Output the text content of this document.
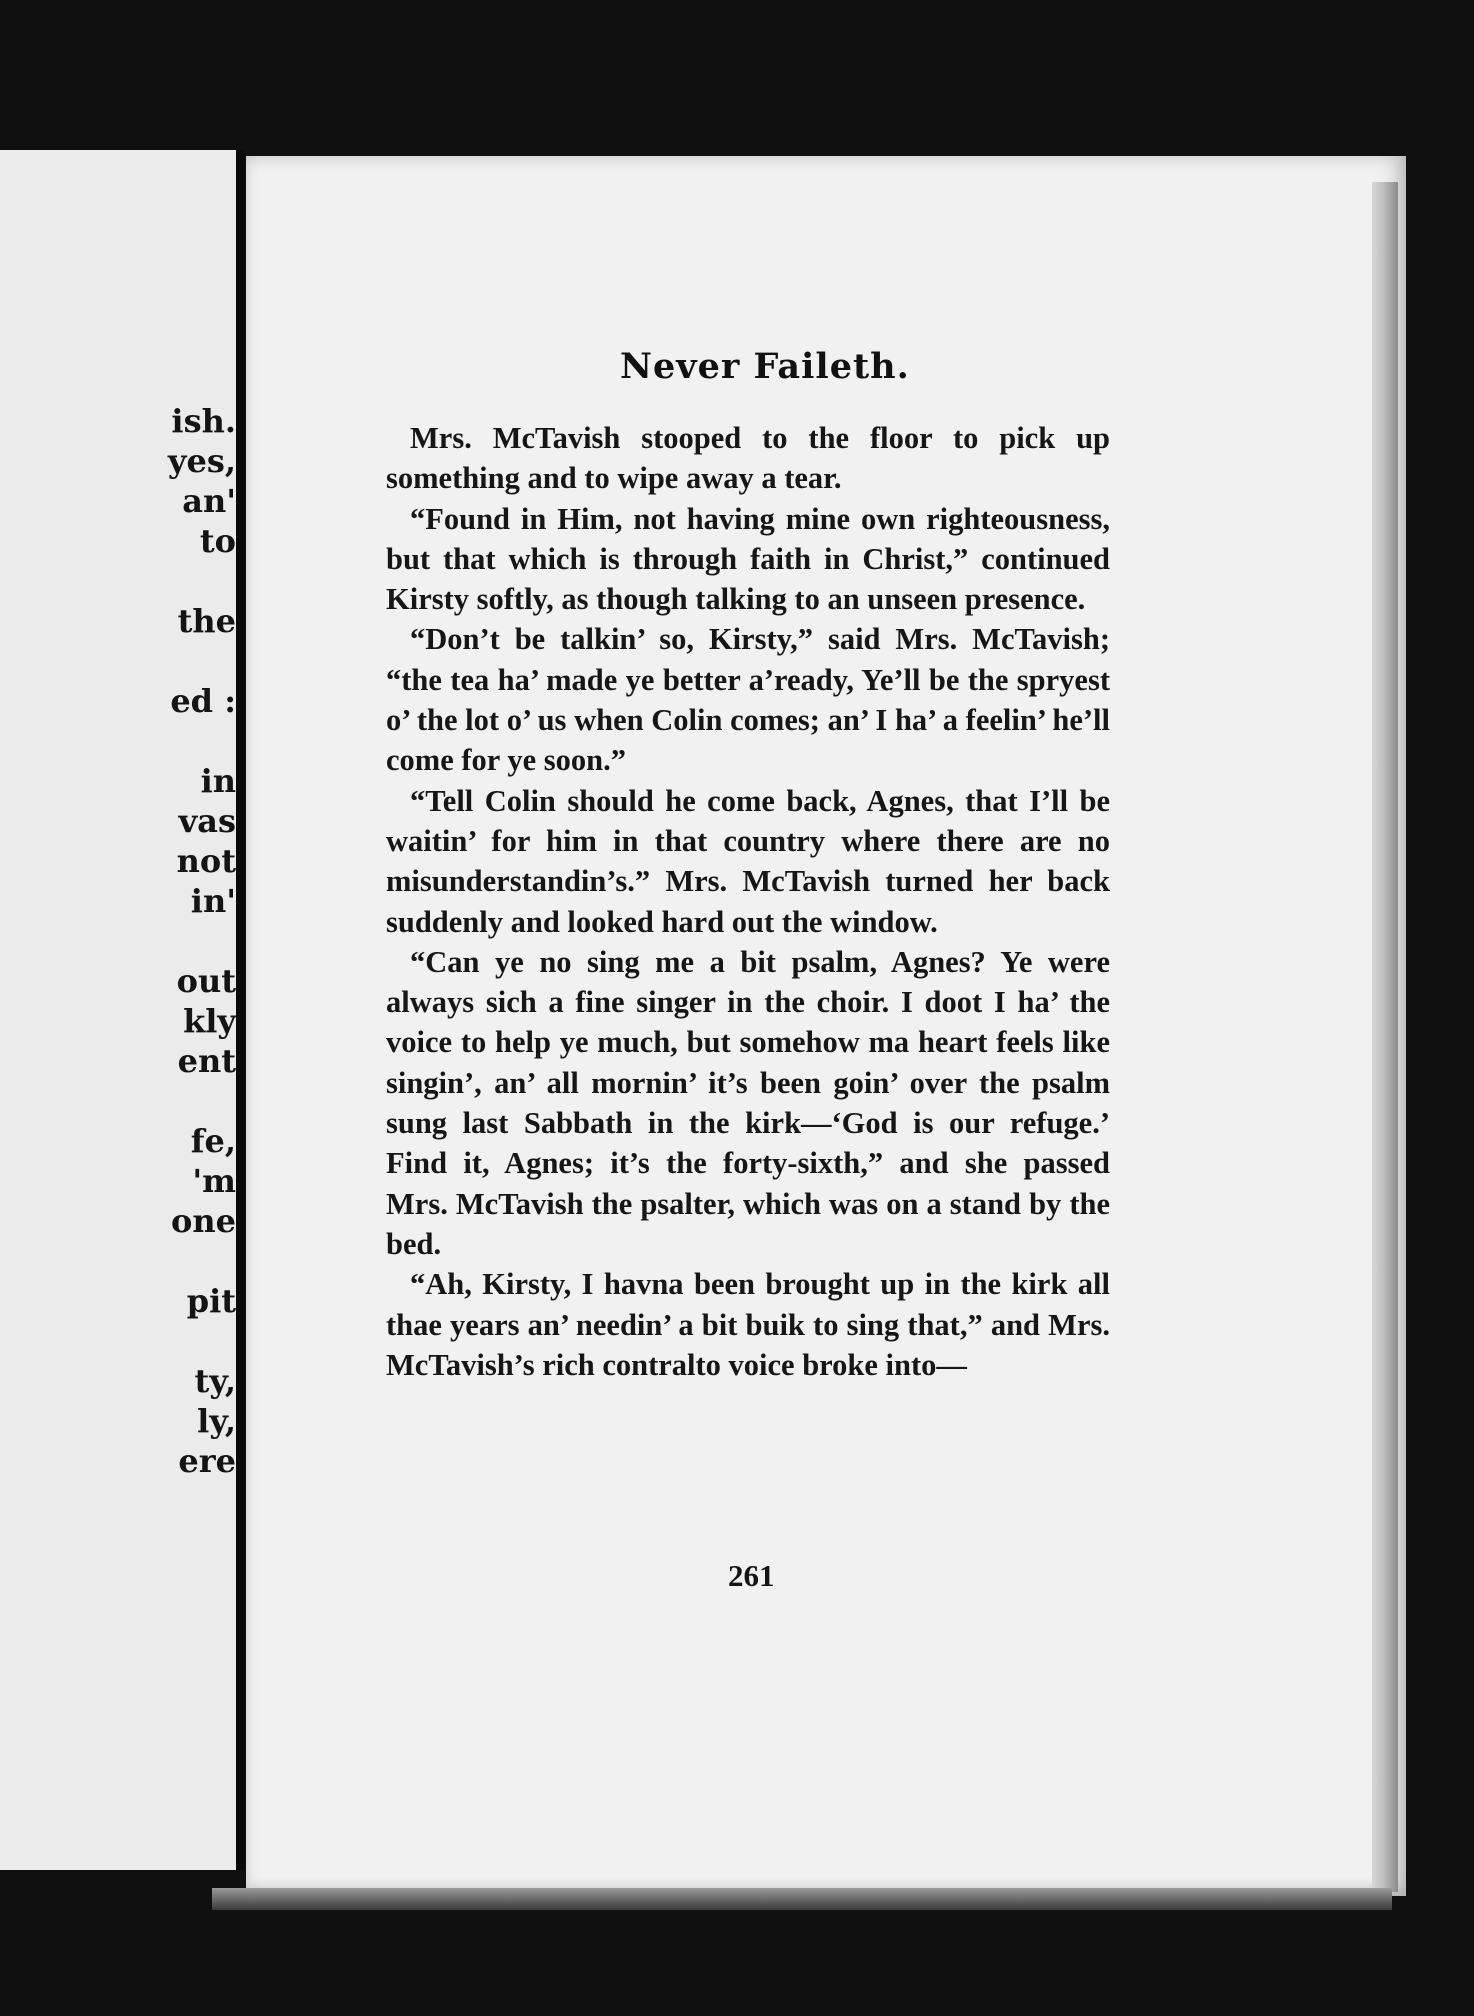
ish.
yes,
an'
to
the
ed :
in
vas
not
in'
out
kly
ent
fe,
'm
one
pit
ty,
ly,
ere
Never Faileth.

Mrs. McTavish stooped to the floor to pick up something and to wipe away a tear.

“Found in Him, not having mine own righteousness, but that which is through faith in Christ,” continued Kirsty softly, as though talking to an unseen presence.

“Don’t be talkin’ so, Kirsty,” said Mrs. McTavish; “the tea ha’ made ye better a’ready, Ye’ll be the spryest o’ the lot o’ us when Colin comes; an’ I ha’ a feelin’ he’ll come for ye soon.”

“Tell Colin should he come back, Agnes, that I’ll be waitin’ for him in that country where there are no misunderstandin’s.” Mrs. McTavish turned her back suddenly and looked hard out the window.

“Can ye no sing me a bit psalm, Agnes? Ye were always sich a fine singer in the choir. I doot I ha’ the voice to help ye much, but somehow ma heart feels like singin’, an’ all mornin’ it’s been goin’ over the psalm sung last Sabbath in the kirk—‘God is our refuge.’ Find it, Agnes; it’s the forty-sixth,” and she passed Mrs. McTavish the psalter, which was on a stand by the bed.

“Ah, Kirsty, I havna been brought up in the kirk all thae years an’ needin’ a bit buik to sing that,” and Mrs. McTavish’s rich contralto voice broke into—

261
